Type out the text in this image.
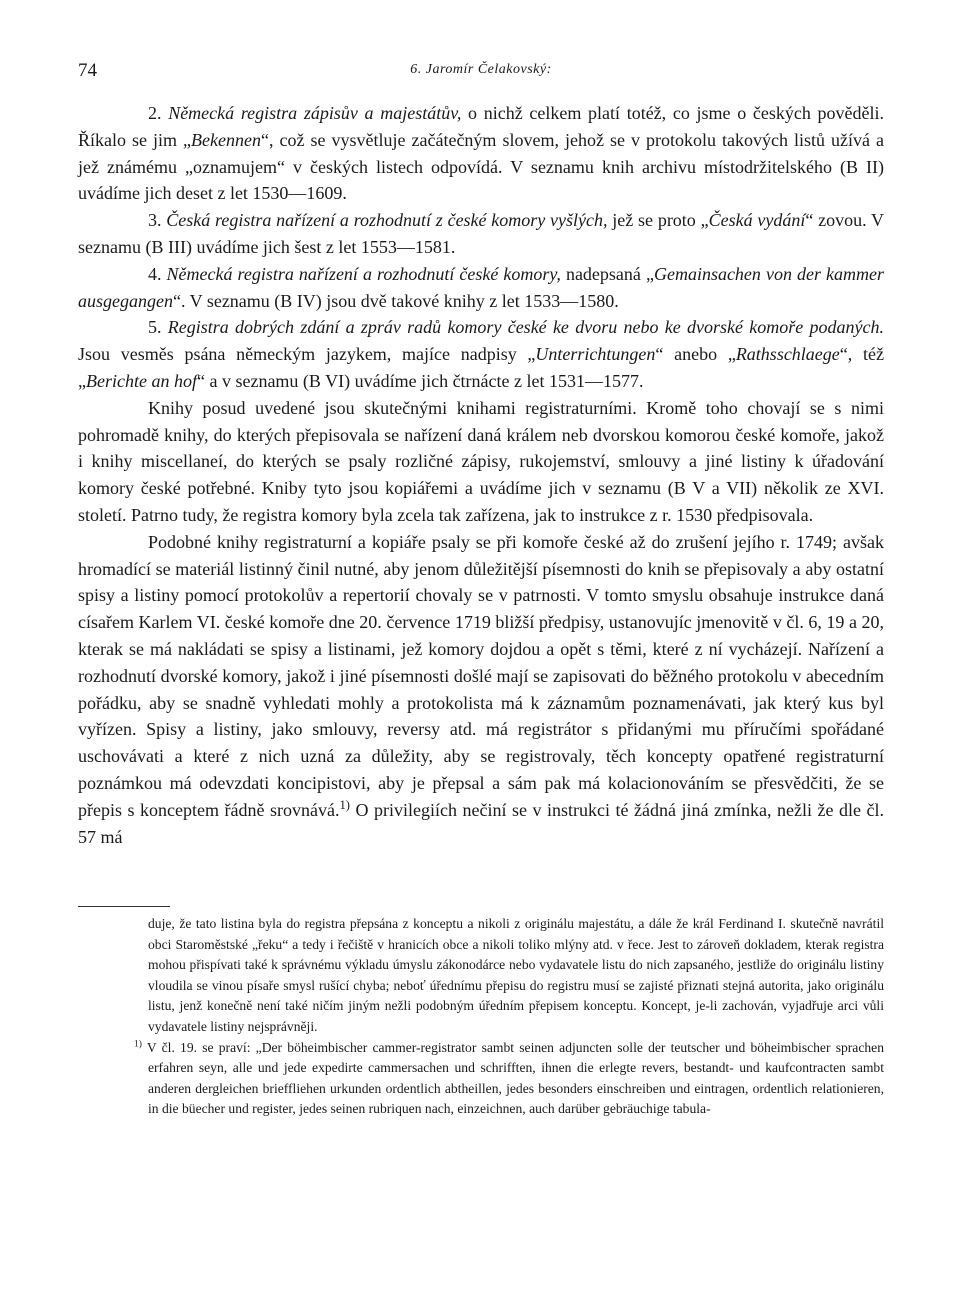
74	6. Jaromír Čelakovský:

2. Německá registra zápisův a majestátův, o nichž celkem platí totéž, co jsme o českých pověděli. Říkalo se jim „Bekennen“, což se vysvětluje začátečným slovem, jehož se v protokolu takových listů užívá a jež známému „oznamujem“ v českých listech odpovídá. V seznamu knih archivu místodržitelského (B II) uvádíme jich deset z let 1530—1609.

3. Česká registra nařízení a rozhodnutí z české komory vyšlých, jež se proto „Česká vydání“ zovou. V seznamu (B III) uvádíme jich šest z let 1553—1581.

4. Německá registra nařízení a rozhodnutí české komory, nadepsaná „Gemainsachen von der kammer ausgegangen“. V seznamu (B IV) jsou dvě takové knihy z let 1533—1580.

5. Registra dobrých zdání a zpráv radů komory české ke dvoru nebo ke dvorské komoře podaných. Jsou vesměs psána německým jazykem, majíce nadpisy „Unterrichtungen“ anebo „Rathsschlaege“, též „Berichte an hof“ a v seznamu (B VI) uvádíme jich čtrnácte z let 1531—1577.

Knihy posud uvedené jsou skutečnými knihami registraturními. Kromě toho chovají se s nimi pohromadě knihy, do kterých přepisovala se nařízení daná králem neb dvorskou komorou české komoře, jakož i knihy miscellaneí, do kterých se psaly rozličné zápisy, rukojemství, smlouvy a jiné listiny k úřadování komory české potřebné. Kniby tyto jsou kopiářemi a uvádíme jich v seznamu (B V a VII) několik ze XVI. století. Patrno tudy, že registra komory byla zcela tak zařízena, jak to instrukce z r. 1530 předpisovala.

Podobné knihy registraturní a kopiáře psaly se při komoře české až do zrušení jejího r. 1749; avšak hromadící se materiál listinný činil nutné, aby jenom důležitější písemnosti do knih se přepisovaly a aby ostatní spisy a listiny pomocí protokolův a repertorií chovaly se v patrnosti. V tomto smyslu obsahuje instrukce daná císařem Karlem VI. české komoře dne 20. července 1719 bližší předpisy, ustanovujíc jmenovitě v čl. 6, 19 a 20, kterak se má nakládati se spisy a listinami, jež komory dojdou a opět s těmi, které z ní vycházejí. Nařízení a rozhodnutí dvorské komory, jakož i jiné písemnosti došlé mají se zapisovati do běžného protokolu v abecedním pořádku, aby se snadně vyhledati mohly a protokolista má k záznamům poznamenávati, jak který kus byl vyřízen. Spisy a listiny, jako smlouvy, reversy atd. má registrátor s přidanými mu příručími spořádané uschovávati a které z nich uzná za důležity, aby se registrovaly, těch koncepty opatřené registraturní poznámkou má odevzdati koncipistovi, aby je přepsal a sám pak má kolacionováním se přesvědčiti, že se přepis s konceptem řádně srovnává.$^{1)}$ O privilegiích nečiní se v instrukci té žádná jiná zmínka, nežli že dle čl. 57 má

duje, že tato listina byla do registra přepsána z konceptu a nikoli z originálu majestátu, a dále že král Ferdinand I. skutečně navrátil obci Staroměstské „řeku“ a tedy i řečiště v hranicích obce a nikoli toliko mlýny atd. v řece. Jest to zároveň dokladem, kterak registra mohou přispívati také k správnému výkladu úmyslu zákonodárce nebo vydavatele listu do nich zapsaného, jestliže do originálu listiny vloudila se vinou písaře smysl rušící chyba; neboť úřednímu přepisu do registru musí se zajisté přiznati stejná autorita, jako originálu listu, jenž konečně není také ničím jiným nežli podobným úředním přepisem konceptu. Koncept, je-li zachován, vyjadřuje arci vůli vydavatele listiny nejsprávněji.

$^{1)}$ V čl. 19. se praví: „Der böheimbischer cammer-registrator sambt seinen adjuncten solle der teutscher und böheimbischer sprachen erfahren seyn, alle und jede expedirte cammersachen und schrifften, ihnen die erlegte revers, bestandt- und kaufcontracten sambt anderen dergleichen brieffliehen urkunden ordentlich abtheillen, jedes besonders einschreiben und eintragen, ordentlich relationieren, in die büecher und register, jedes seinen rubriquen nach, einzeichnen, auch darüber gebräuchige tabula-
